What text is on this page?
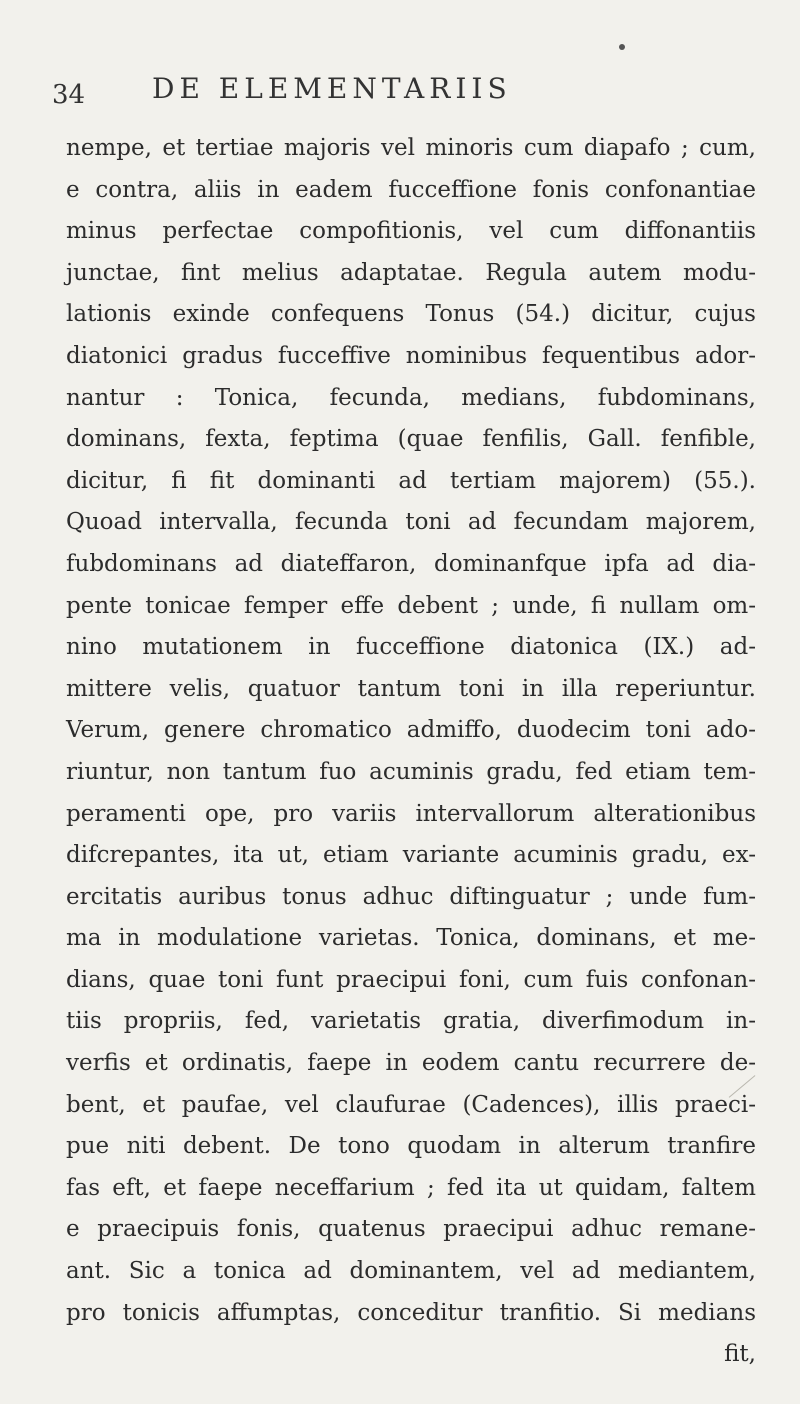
34 DE ELEMENTARIIS
nempe, et tertiae majoris vel minoris cum diapafo ; cum,
e contra, aliis in eadem fucceffione fonis confonantiae
minus perfectae compofitionis, vel cum diffonantiis
junctae, fint melius adaptatae. Regula autem modu-
lationis exinde confequens Tonus (54.) dicitur, cujus
diatonici gradus fucceffive nominibus fequentibus ador-
nantur : Tonica, fecunda, medians, fubdominans,
dominans, fexta, feptima (quae fenfilis, Gall. fenfible,
dicitur, fi fit dominanti ad tertiam majorem) (55.).
Quoad intervalla, fecunda toni ad fecundam majorem,
fubdominans ad diateffaron, dominanfque ipfa ad dia-
pente tonicae femper effe debent ; unde, fi nullam om-
nino mutationem in fucceffione diatonica (IX.) ad-
mittere velis, quatuor tantum toni in illa reperiuntur.
Verum, genere chromatico admiffo, duodecim toni ado-
riuntur, non tantum fuo acuminis gradu, fed etiam tem-
peramenti ope, pro variis intervallorum alterationibus
difcrepantes, ita ut, etiam variante acuminis gradu, ex-
ercitatis auribus tonus adhuc diftinguatur ; unde fum-
ma in modulatione varietas. Tonica, dominans, et me-
dians, quae toni funt praecipui foni, cum fuis confonan-
tiis propriis, fed, varietatis gratia, diverfimodum in-
verfis et ordinatis, faepe in eodem cantu recurrere de-
bent, et paufae, vel claufurae (Cadences), illis praeci-
pue niti debent. De tono quodam in alterum tranfire
fas eft, et faepe neceffarium ; fed ita ut quidam, faltem
e praecipuis fonis, quatenus praecipui adhuc remane-
ant. Sic a tonica ad dominantem, vel ad mediantem,
pro tonicis affumptas, conceditur tranfitio. Si medians
fit,
